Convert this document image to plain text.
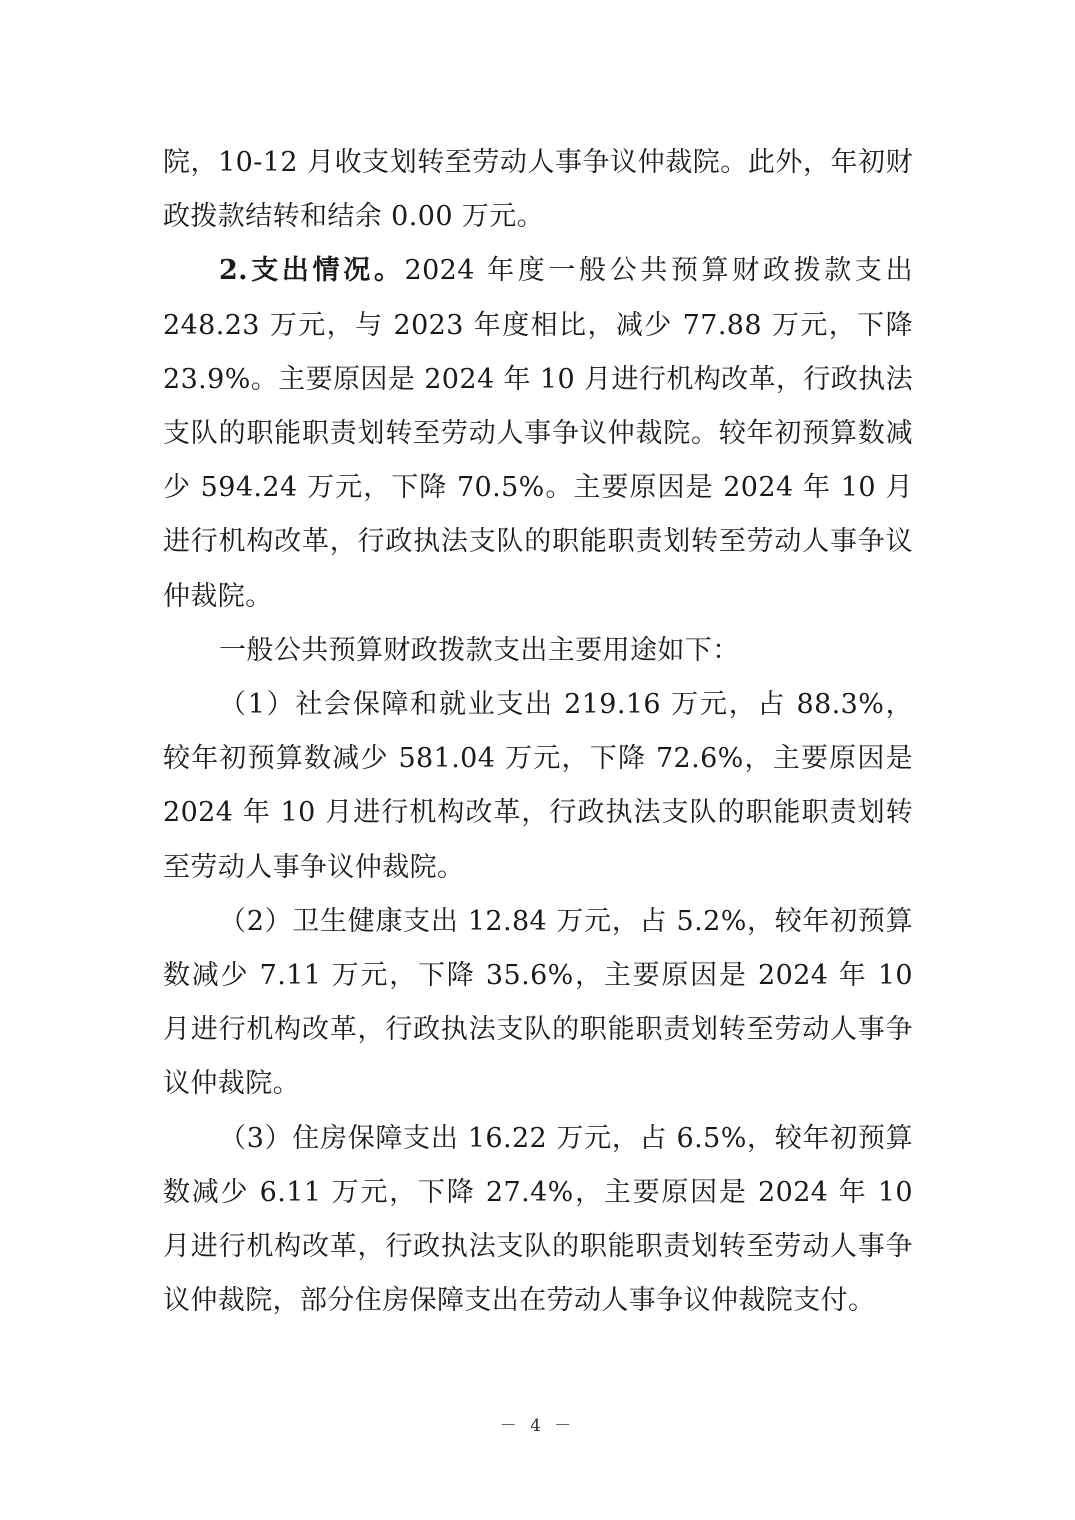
院，10-12 月收支划转至劳动人事争议仲裁院。此外，年初财政拨款结转和结余 0.00 万元。

2.支出情况。2024 年度一般公共预算财政拨款支出 248.23 万元，与 2023 年度相比，减少 77.88 万元，下降 23.9%。主要原因是 2024 年 10 月进行机构改革，行政执法支队的职能职责划转至劳动人事争议仲裁院。较年初预算数减少 594.24 万元，下降 70.5%。主要原因是 2024 年 10 月进行机构改革，行政执法支队的职能职责划转至劳动人事争议仲裁院。

一般公共预算财政拨款支出主要用途如下：

（1）社会保障和就业支出 219.16 万元，占 88.3%，较年初预算数减少 581.04 万元，下降 72.6%，主要原因是 2024 年 10 月进行机构改革，行政执法支队的职能职责划转至劳动人事争议仲裁院。

（2）卫生健康支出 12.84 万元，占 5.2%，较年初预算数减少 7.11 万元，下降 35.6%，主要原因是 2024 年 10 月进行机构改革，行政执法支队的职能职责划转至劳动人事争议仲裁院。

（3）住房保障支出 16.22 万元，占 6.5%，较年初预算数减少 6.11 万元，下降 27.4%，主要原因是 2024 年 10 月进行机构改革，行政执法支队的职能职责划转至劳动人事争议仲裁院，部分住房保障支出在劳动人事争议仲裁院支付。

－ 4 －
